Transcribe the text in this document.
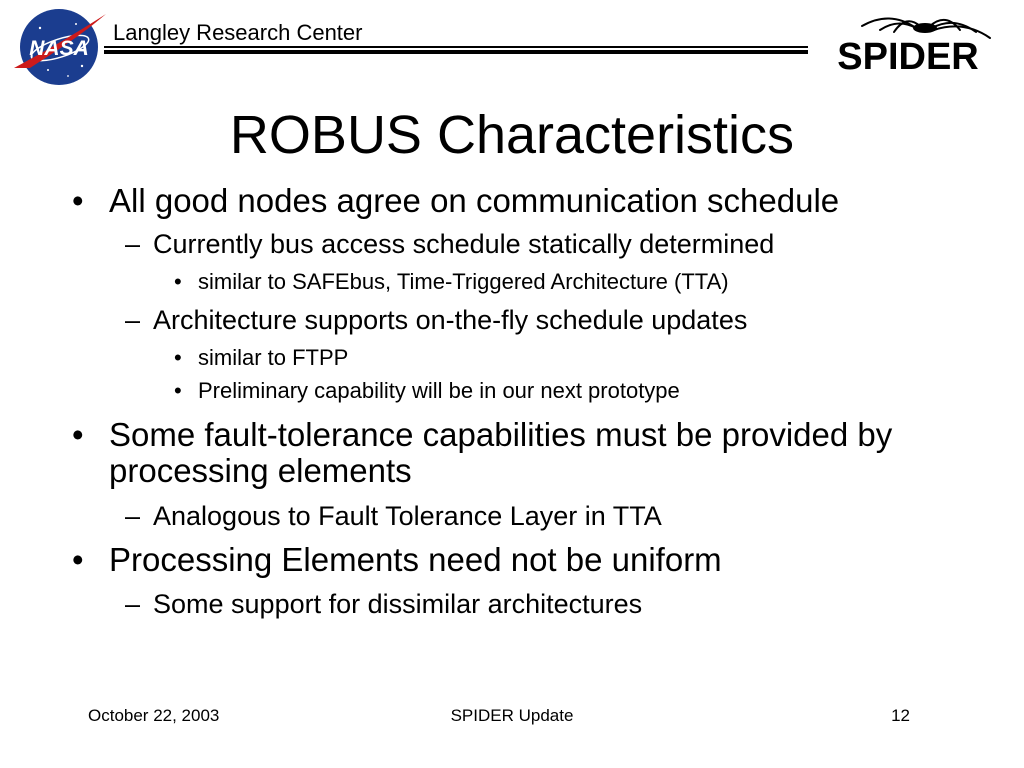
NASA
Langley Research Center
SPIDER
ROBUS Characteristics
• All good nodes agree on communication schedule
– Currently bus access schedule statically determined
• similar to SAFEbus, Time-Triggered Architecture (TTA)
– Architecture supports on-the-fly schedule updates
• similar to FTPP
• Preliminary capability will be in our next prototype
• Some fault-tolerance capabilities must be provided by
processing elements
– Analogous to Fault Tolerance Layer in TTA
• Processing Elements need not be uniform
– Some support for dissimilar architectures
October 22, 2003	SPIDER Update	12
